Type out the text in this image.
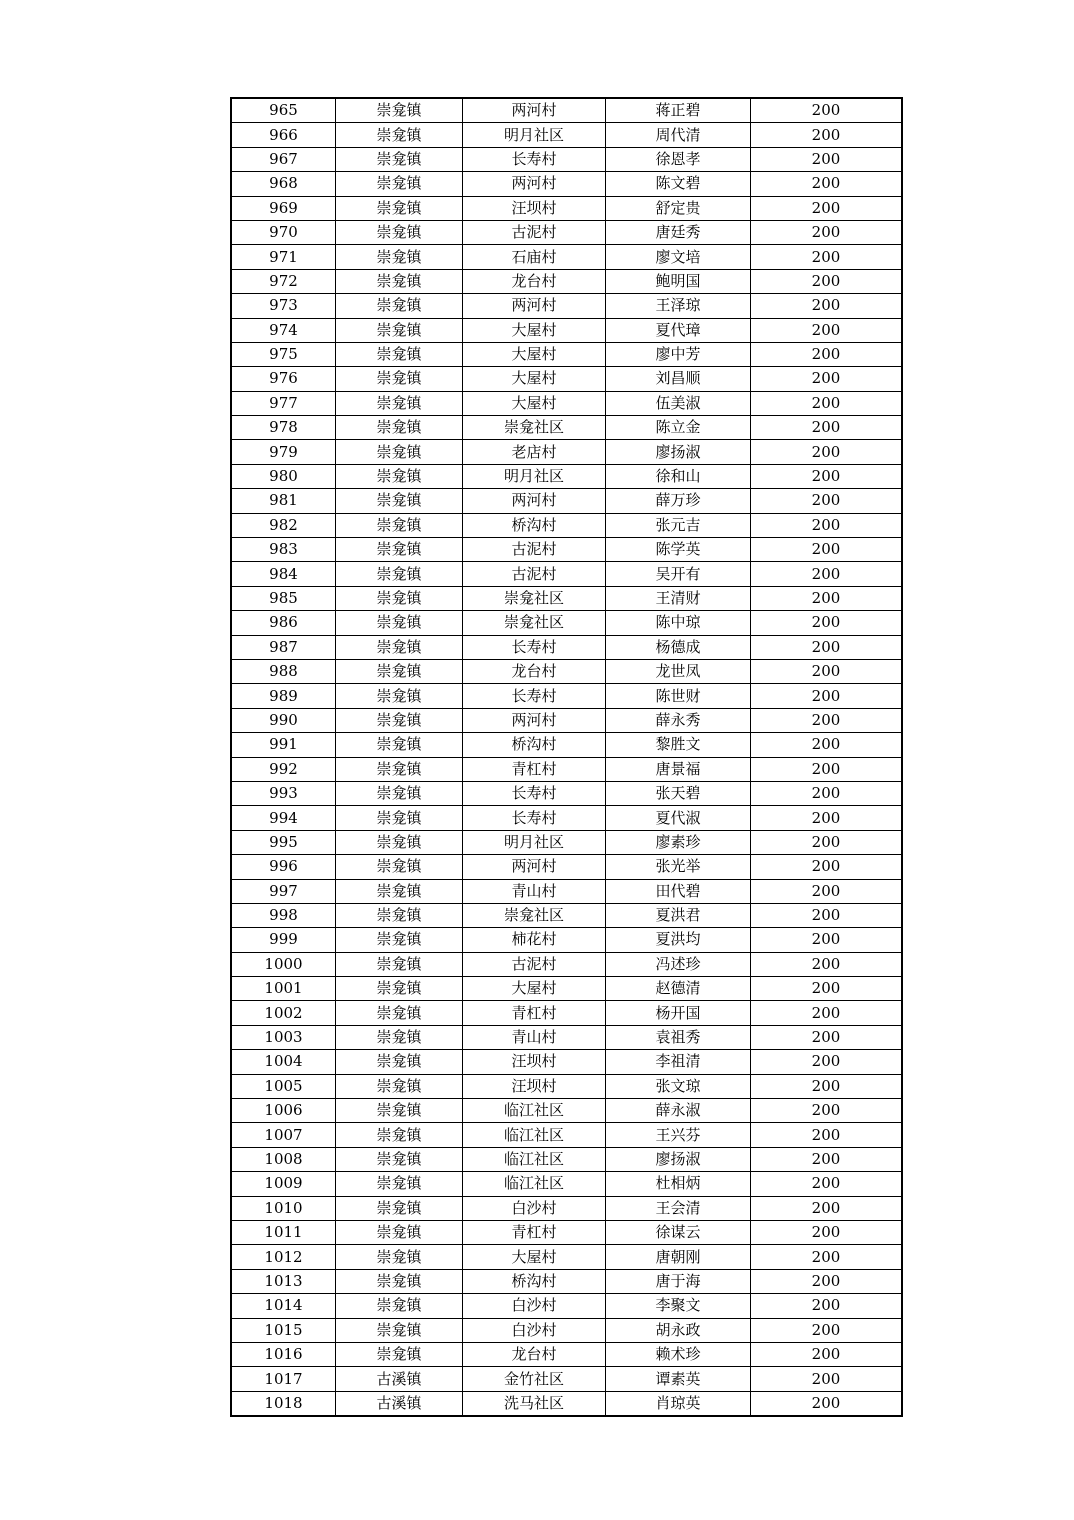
965	崇龛镇	两河村	蒋正碧	200
966	崇龛镇	明月社区	周代清	200
967	崇龛镇	长寿村	徐恩孝	200
968	崇龛镇	两河村	陈文碧	200
969	崇龛镇	汪坝村	舒定贵	200
970	崇龛镇	古泥村	唐廷秀	200
971	崇龛镇	石庙村	廖文培	200
972	崇龛镇	龙台村	鲍明国	200
973	崇龛镇	两河村	王泽琼	200
974	崇龛镇	大屋村	夏代璋	200
975	崇龛镇	大屋村	廖中芳	200
976	崇龛镇	大屋村	刘昌顺	200
977	崇龛镇	大屋村	伍美淑	200
978	崇龛镇	崇龛社区	陈立金	200
979	崇龛镇	老店村	廖扬淑	200
980	崇龛镇	明月社区	徐和山	200
981	崇龛镇	两河村	薛万珍	200
982	崇龛镇	桥沟村	张元吉	200
983	崇龛镇	古泥村	陈学英	200
984	崇龛镇	古泥村	吴开有	200
985	崇龛镇	崇龛社区	王清财	200
986	崇龛镇	崇龛社区	陈中琼	200
987	崇龛镇	长寿村	杨德成	200
988	崇龛镇	龙台村	龙世凤	200
989	崇龛镇	长寿村	陈世财	200
990	崇龛镇	两河村	薛永秀	200
991	崇龛镇	桥沟村	黎胜文	200
992	崇龛镇	青杠村	唐景福	200
993	崇龛镇	长寿村	张天碧	200
994	崇龛镇	长寿村	夏代淑	200
995	崇龛镇	明月社区	廖素珍	200
996	崇龛镇	两河村	张光举	200
997	崇龛镇	青山村	田代碧	200
998	崇龛镇	崇龛社区	夏洪君	200
999	崇龛镇	柿花村	夏洪均	200
1000	崇龛镇	古泥村	冯述珍	200
1001	崇龛镇	大屋村	赵德清	200
1002	崇龛镇	青杠村	杨开国	200
1003	崇龛镇	青山村	袁祖秀	200
1004	崇龛镇	汪坝村	李祖清	200
1005	崇龛镇	汪坝村	张文琼	200
1006	崇龛镇	临江社区	薛永淑	200
1007	崇龛镇	临江社区	王兴芬	200
1008	崇龛镇	临江社区	廖扬淑	200
1009	崇龛镇	临江社区	杜相炳	200
1010	崇龛镇	白沙村	王会清	200
1011	崇龛镇	青杠村	徐谋云	200
1012	崇龛镇	大屋村	唐朝刚	200
1013	崇龛镇	桥沟村	唐于海	200
1014	崇龛镇	白沙村	李聚文	200
1015	崇龛镇	白沙村	胡永政	200
1016	崇龛镇	龙台村	赖术珍	200
1017	古溪镇	金竹社区	谭素英	200
1018	古溪镇	洗马社区	肖琼英	200
